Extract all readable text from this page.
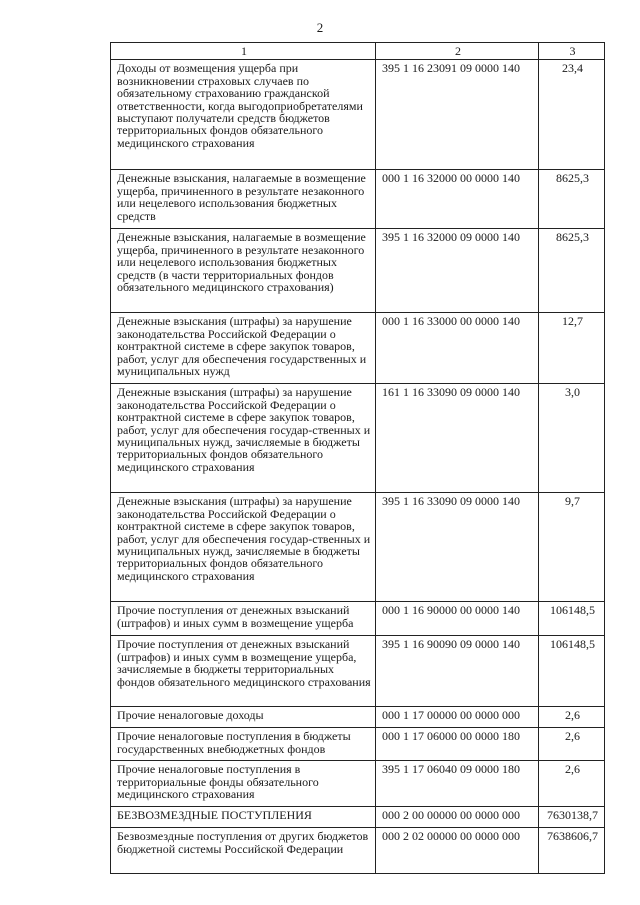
2
1	2	3
Доходы от возмещения ущерба при возникновении страховых случаев по обязательному страхованию гражданской ответственности, когда выгодоприобретателями выступают получатели средств бюджетов территориальных фондов обязательного медицинского страхования	395 1 16 23091 09 0000 140	23,4
Денежные взыскания, налагаемые в возмещение ущерба, причиненного в результате незаконного или нецелевого использования бюджетных средств	000 1 16 32000 00 0000 140	8625,3
Денежные взыскания, налагаемые в возмещение ущерба, причиненного в результате незаконного или нецелевого использования бюджетных средств (в части территориальных фондов обязательного медицинского страхования)	395 1 16 32000 09 0000 140	8625,3
Денежные взыскания (штрафы) за нарушение законодательства Российской Федерации о контрактной системе в сфере закупок товаров, работ, услуг для обеспечения государственных и муниципальных нужд	000 1 16 33000 00 0000 140	12,7
Денежные взыскания (штрафы) за нарушение законодательства Российской Федерации о контрактной системе в сфере закупок товаров, работ, услуг для обеспечения государ-ственных и муниципальных нужд, зачисляемые в бюджеты территориальных фондов обязательного медицинского страхования	161 1 16 33090 09 0000 140	3,0
Денежные взыскания (штрафы) за нарушение законодательства Российской Федерации о контрактной системе в сфере закупок товаров, работ, услуг для обеспечения государ-ственных и муниципальных нужд, зачисляемые в бюджеты территориальных фондов обязательного медицинского страхования	395 1 16 33090 09 0000 140	9,7
Прочие поступления от денежных взысканий (штрафов) и иных сумм в возмещение ущерба	000 1 16 90000 00 0000 140	106148,5
Прочие поступления от денежных взысканий (штрафов) и иных сумм в возмещение ущерба, зачисляемые в бюджеты территориальных фондов обязательного медицинского страхования	395 1 16 90090 09 0000 140	106148,5
Прочие неналоговые доходы	000 1 17 00000 00 0000 000	2,6
Прочие неналоговые поступления в бюджеты государственных внебюджетных фондов	000 1 17 06000 00 0000 180	2,6
Прочие неналоговые поступления в территориальные фонды обязательного медицинского страхования	395 1 17 06040 09 0000 180	2,6
БЕЗВОЗМЕЗДНЫЕ ПОСТУПЛЕНИЯ	000 2 00 00000 00 0000 000	7630138,7
Безвозмездные поступления от других бюджетов бюджетной системы Российской Федерации	000 2 02 00000 00 0000 000	7638606,7
